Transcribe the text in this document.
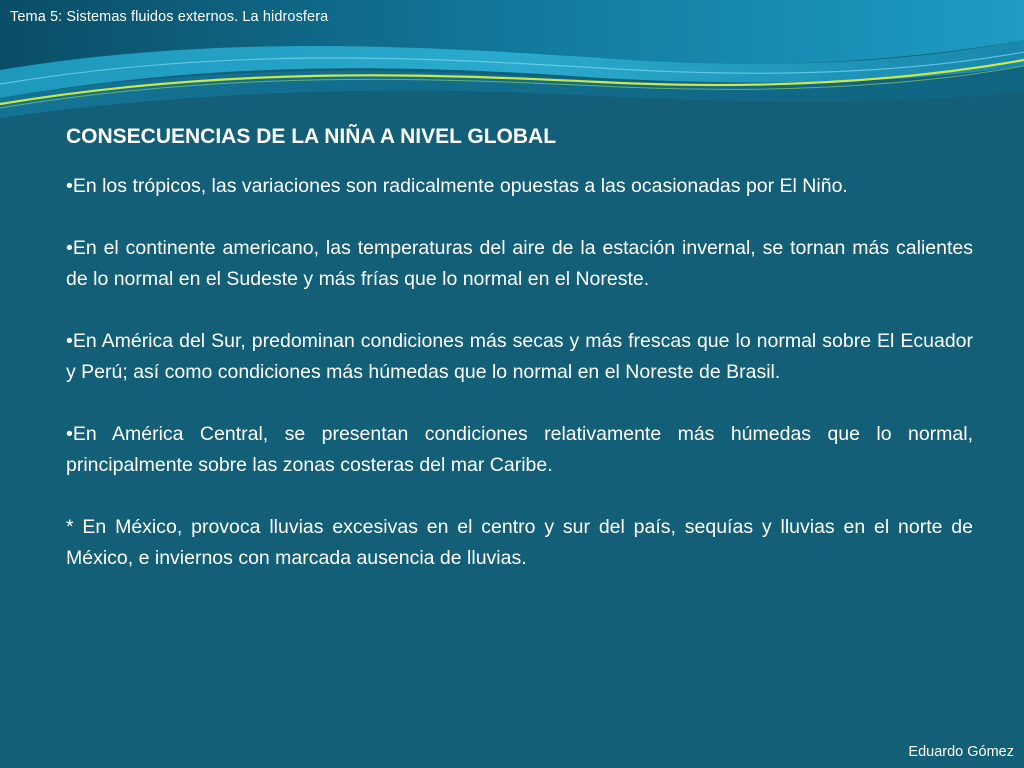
Tema 5: Sistemas fluidos externos. La hidrosfera
CONSECUENCIAS DE LA NIÑA A NIVEL GLOBAL

•En los trópicos, las variaciones son radicalmente opuestas a las ocasionadas por El Niño.

•En el continente americano, las temperaturas del aire de la estación invernal, se tornan más calientes de lo normal en el Sudeste y más frías que lo normal en el Noreste.

•En América del Sur, predominan condiciones más secas y más frescas que lo normal sobre El Ecuador y Perú; así como condiciones más húmedas que lo normal en el Noreste de Brasil.

•En América Central, se presentan condiciones relativamente más húmedas que lo normal, principalmente sobre las zonas costeras del mar Caribe.

* En México, provoca lluvias excesivas en el centro y sur del país, sequías y lluvias en el norte de México, e inviernos con marcada ausencia de lluvias.

Eduardo Gómez
